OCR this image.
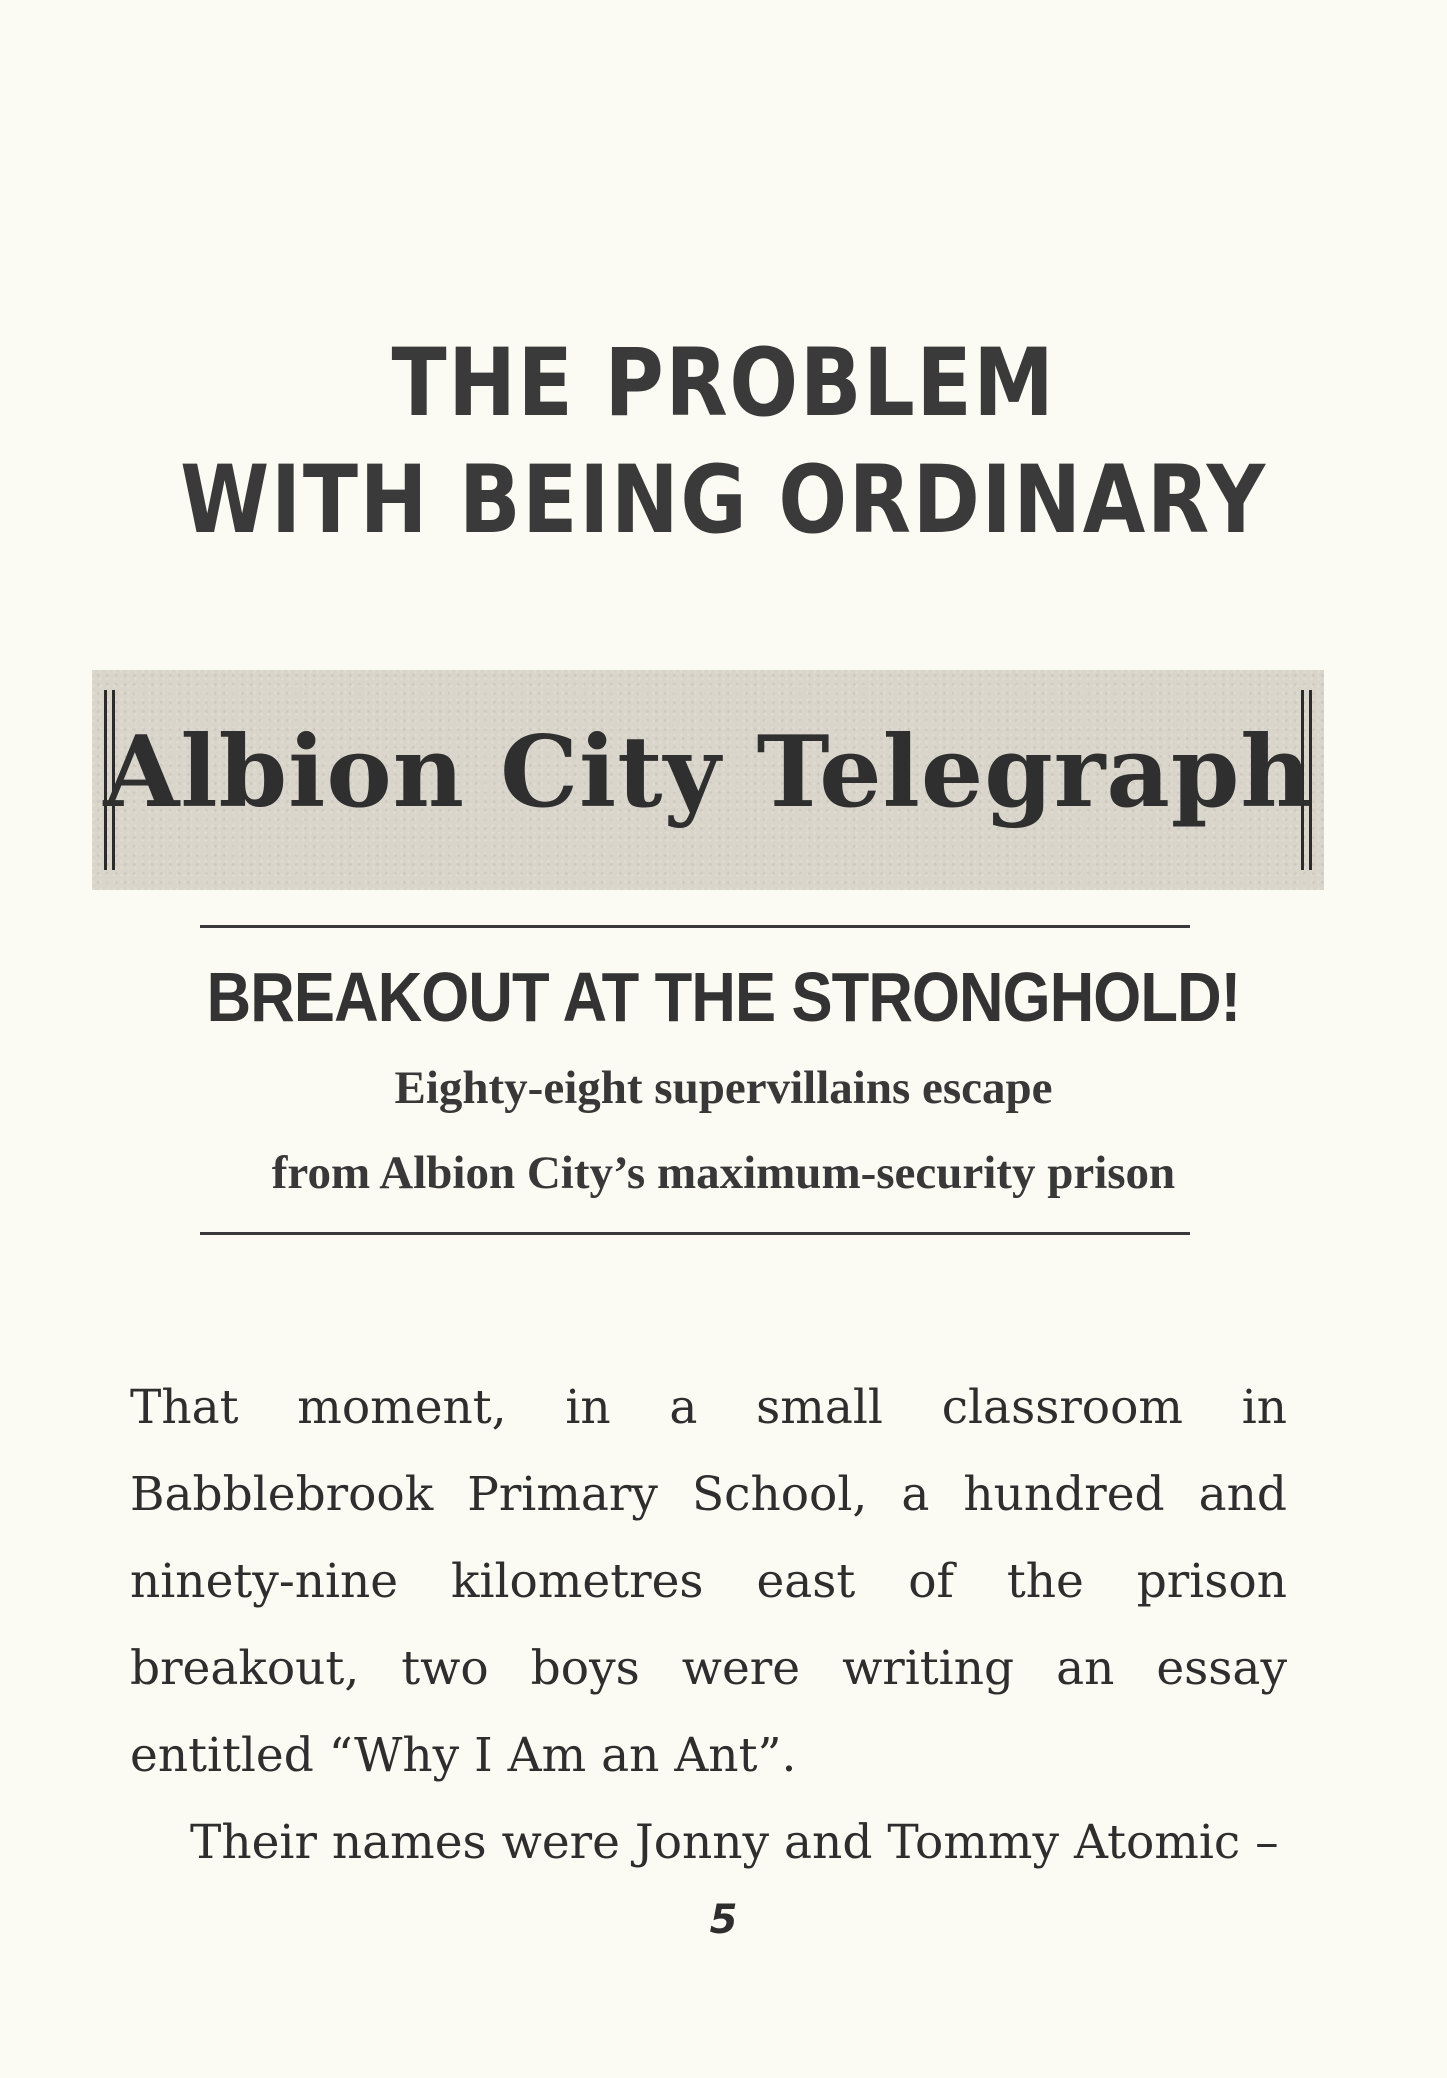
THE PROBLEM
WITH BEING ORDINARY
Albion City Telegraph
BREAKOUT AT THE STRONGHOLD!
Eighty-eight supervillains escape
from Albion City’s maximum-security prison

That moment, in a small classroom in Babblebrook Primary School, a hundred and ninety-nine kilometres east of the prison breakout, two boys were writing an essay entitled “Why I Am an Ant”.

Their names were Jonny and Tommy Atomic –

5
